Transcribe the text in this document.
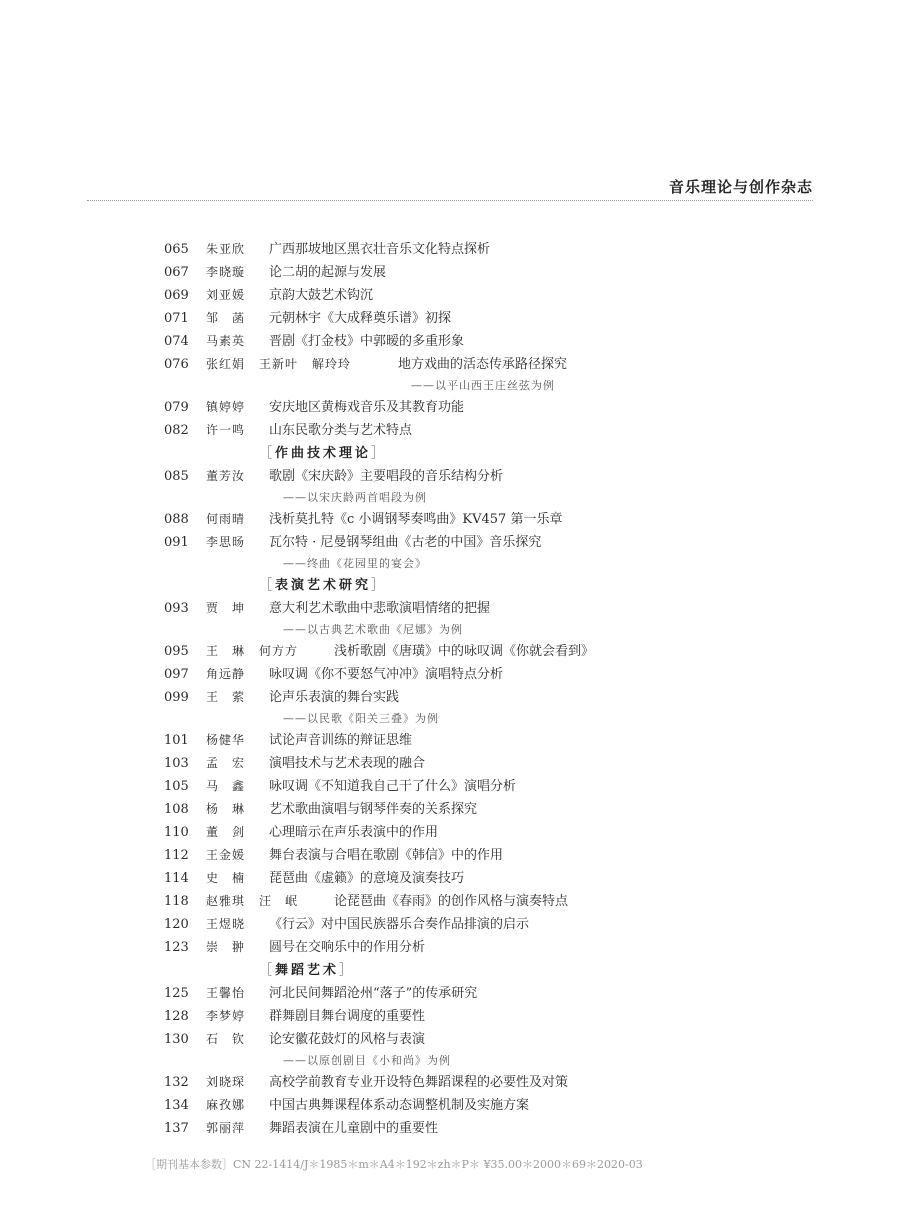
音乐理论与创作杂志
065	朱亚欣 广西那坡地区黑衣壮音乐文化特点探析
067	李晓璇 论二胡的起源与发展
069	刘亚媛 京韵大鼓艺术钩沉
071	邹　菡 元朝林宇《大成释奠乐谱》初探
074	马素英 晋剧《打金枝》中郭暧的多重形象
076	张红娟 王新叶 解玲玲	地方戏曲的活态传承路径探究
——以平山西王庄丝弦为例
079	镇婷婷 安庆地区黄梅戏音乐及其教育功能
082	许一鸣 山东民歌分类与艺术特点
［作曲技术理论］
085	董芳汝 歌剧《宋庆龄》主要唱段的音乐结构分析
——以宋庆龄两首唱段为例
088	何雨晴 浅析莫扎特《c 小调钢琴奏鸣曲》KV457 第一乐章
091	李思旸 瓦尔特 · 尼曼钢琴组曲《古老的中国》音乐探究
——终曲《花园里的宴会》
［表演艺术研究］
093	贾　坤 意大利艺术歌曲中悲歌演唱情绪的把握
——以古典艺术歌曲《尼娜》为例
095	王　琳 何方方	浅析歌剧《唐璜》中的咏叹调《你就会看到》
097	角远静 咏叹调《你不要怒气冲冲》演唱特点分析
099	王　萦 论声乐表演的舞台实践
——以民歌《阳关三叠》为例
101	杨健华 试论声音训练的辩证思维
103	孟　宏 演唱技术与艺术表现的融合
105	马　鑫 咏叹调《不知道我自己干了什么》演唱分析
108	杨　琳 艺术歌曲演唱与钢琴伴奏的关系探究
110	董　剑 心理暗示在声乐表演中的作用
112	王金媛 舞台表演与合唱在歌剧《韩信》中的作用
114	史　楠 琵琶曲《虚籁》的意境及演奏技巧
118	赵雅琪 汪　岷	论琵琶曲《春雨》的创作风格与演奏特点
120	王煜晓 《行云》对中国民族器乐合奏作品排演的启示
123	崇　翀 圆号在交响乐中的作用分析
［舞蹈艺术］
125	王馨怡 河北民间舞蹈沧州“落子”的传承研究
128	李梦婷 群舞剧目舞台调度的重要性
130	石　钦 论安徽花鼓灯的风格与表演
——以原创剧目《小和尚》为例
132	刘晓琛 高校学前教育专业开设特色舞蹈课程的必要性及对策
134	麻孜娜 中国古典舞课程体系动态调整机制及实施方案
137	郭丽萍 舞蹈表演在儿童剧中的重要性
［期刊基本参数］CN 22-1414/J＊1985＊m＊A4＊192＊zh＊P＊ ¥35.00＊2000＊69＊2020-03
